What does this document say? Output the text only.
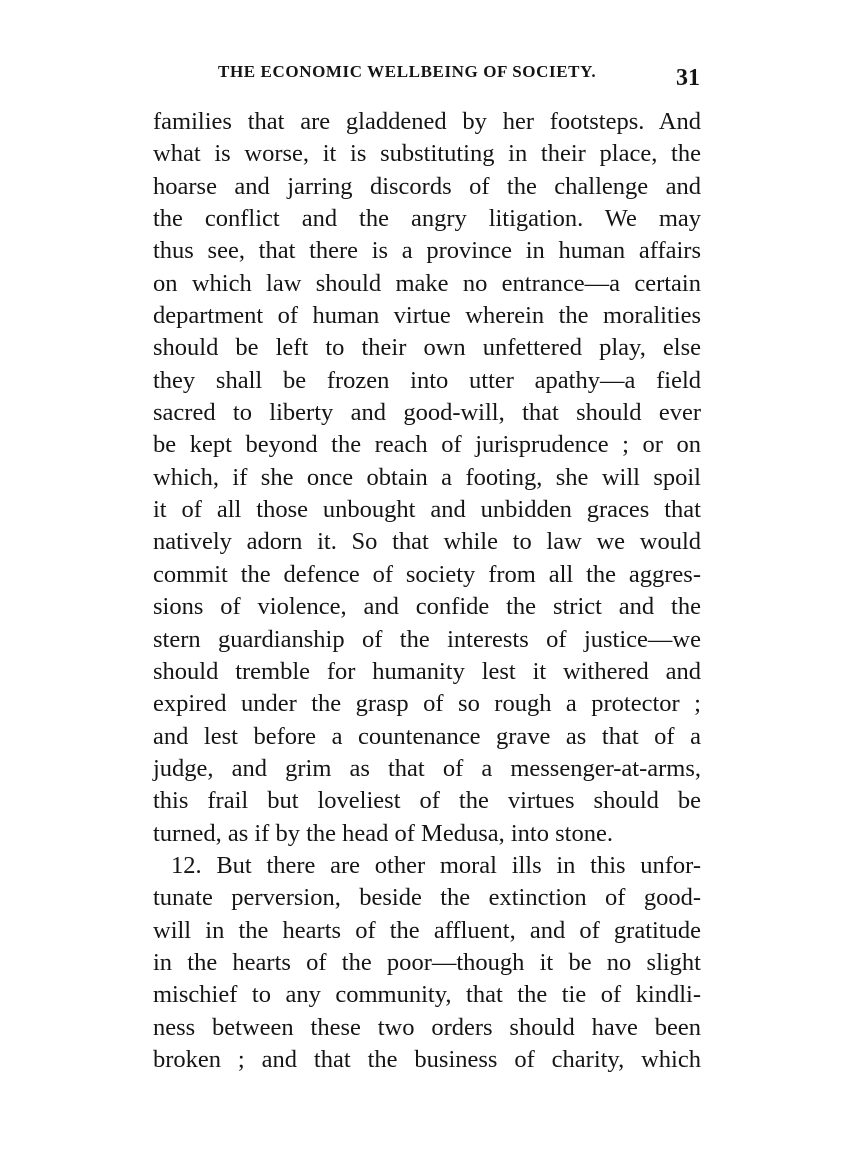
THE ECONOMIC WELLBEING OF SOCIETY.	31
families that are gladdened by her footsteps. And
what is worse, it is substituting in their place, the
hoarse and jarring discords of the challenge and
the conflict and the angry litigation. We may
thus see, that there is a province in human affairs
on which law should make no entrance—a certain
department of human virtue wherein the moralities
should be left to their own unfettered play, else
they shall be frozen into utter apathy—a field
sacred to liberty and good-will, that should ever
be kept beyond the reach of jurisprudence ; or on
which, if she once obtain a footing, she will spoil
it of all those unbought and unbidden graces that
natively adorn it. So that while to law we would
commit the defence of society from all the aggres-
sions of violence, and confide the strict and the
stern guardianship of the interests of justice—we
should tremble for humanity lest it withered and
expired under the grasp of so rough a protector ;
and lest before a countenance grave as that of a
judge, and grim as that of a messenger-at-arms,
this frail but loveliest of the virtues should be
turned, as if by the head of Medusa, into stone.
12. But there are other moral ills in this unfor-
tunate perversion, beside the extinction of good-
will in the hearts of the affluent, and of gratitude
in the hearts of the poor—though it be no slight
mischief to any community, that the tie of kindli-
ness between these two orders should have been
broken ; and that the business of charity, which
